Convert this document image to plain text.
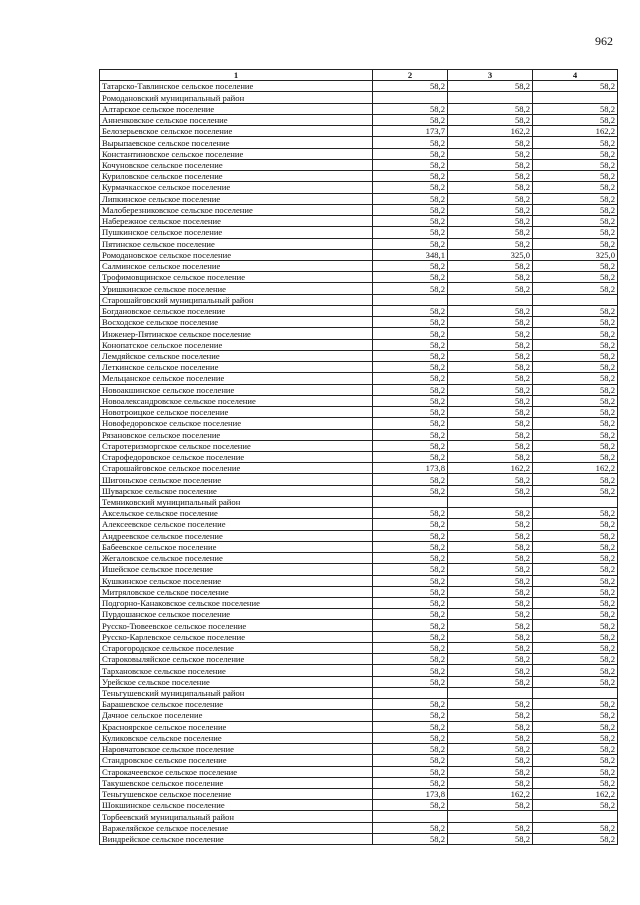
962
1	2	3	4
Татарско-Тавлинское сельское поселение	58,2	58,2	58,2
Ромодановский муниципальный район			
Алтарское сельское поселение	58,2	58,2	58,2
Анненковское сельское поселение	58,2	58,2	58,2
Белозерьевское сельское поселение	173,7	162,2	162,2
Вырыпаевское сельское поселение	58,2	58,2	58,2
Константиновское сельское поселение	58,2	58,2	58,2
Кочуновское сельское поселение	58,2	58,2	58,2
Куриловское сельское поселение	58,2	58,2	58,2
Курмачкасское сельское поселение	58,2	58,2	58,2
Липкинское сельское поселение	58,2	58,2	58,2
Малоберезниковское сельское поселение	58,2	58,2	58,2
Набережное сельское поселение	58,2	58,2	58,2
Пушкинское сельское поселение	58,2	58,2	58,2
Пятинское сельское поселение	58,2	58,2	58,2
Ромодановское сельское поселение	348,1	325,0	325,0
Салминское сельское поселение	58,2	58,2	58,2
Трофимовщинское сельское поселение	58,2	58,2	58,2
Уришкинское сельское поселение	58,2	58,2	58,2
Старошайговский муниципальный район			
Богдановское сельское поселение	58,2	58,2	58,2
Восходское сельское поселение	58,2	58,2	58,2
Инженер-Пятинское сельское поселение	58,2	58,2	58,2
Конопатское сельское поселение	58,2	58,2	58,2
Лемдяйское сельское поселение	58,2	58,2	58,2
Леткинское сельское поселение	58,2	58,2	58,2
Мельцанское сельское поселение	58,2	58,2	58,2
Новоакшинское сельское поселение	58,2	58,2	58,2
Новоалександровское сельское поселение	58,2	58,2	58,2
Новотроицкое сельское поселение	58,2	58,2	58,2
Новофедоровское сельское поселение	58,2	58,2	58,2
Рязановское сельское поселение	58,2	58,2	58,2
Старотеризморгское сельское поселение	58,2	58,2	58,2
Старофедоровское сельское поселение	58,2	58,2	58,2
Старошайговское сельское поселение	173,8	162,2	162,2
Шигоньское сельское поселение	58,2	58,2	58,2
Шуварское сельское поселение	58,2	58,2	58,2
Темниковский муниципальный район			
Аксельское сельское поселение	58,2	58,2	58,2
Алексеевское сельское поселение	58,2	58,2	58,2
Андреевское сельское поселение	58,2	58,2	58,2
Бабеевское сельское поселение	58,2	58,2	58,2
Жегаловское сельское поселение	58,2	58,2	58,2
Ишейское сельское поселение	58,2	58,2	58,2
Кушкинское сельское поселение	58,2	58,2	58,2
Митряловское сельское поселение	58,2	58,2	58,2
Подгорно-Канаковское сельское поселение	58,2	58,2	58,2
Пурдошанское сельское поселение	58,2	58,2	58,2
Русско-Тювеевское сельское поселение	58,2	58,2	58,2
Русско-Карлевское сельское поселение	58,2	58,2	58,2
Старогородское сельское поселение	58,2	58,2	58,2
Староковыляйское сельское поселение	58,2	58,2	58,2
Тархановское сельское поселение	58,2	58,2	58,2
Урейское сельское поселение	58,2	58,2	58,2
Теньгушевский муниципальный район			
Барашевское сельское поселение	58,2	58,2	58,2
Дачное сельское поселение	58,2	58,2	58,2
Красноярское сельское поселение	58,2	58,2	58,2
Куликовское сельское поселение	58,2	58,2	58,2
Наровчатовское сельское поселение	58,2	58,2	58,2
Стандровское сельское поселение	58,2	58,2	58,2
Старокачеевское сельское поселение	58,2	58,2	58,2
Такушевское сельское поселение	58,2	58,2	58,2
Теньгушевское сельское поселение	173,8	162,2	162,2
Шокшинское сельское поселение	58,2	58,2	58,2
Торбеевский муниципальный район			
Варжеляйское сельское поселение	58,2	58,2	58,2
Виндрейское сельское поселение	58,2	58,2	58,2
